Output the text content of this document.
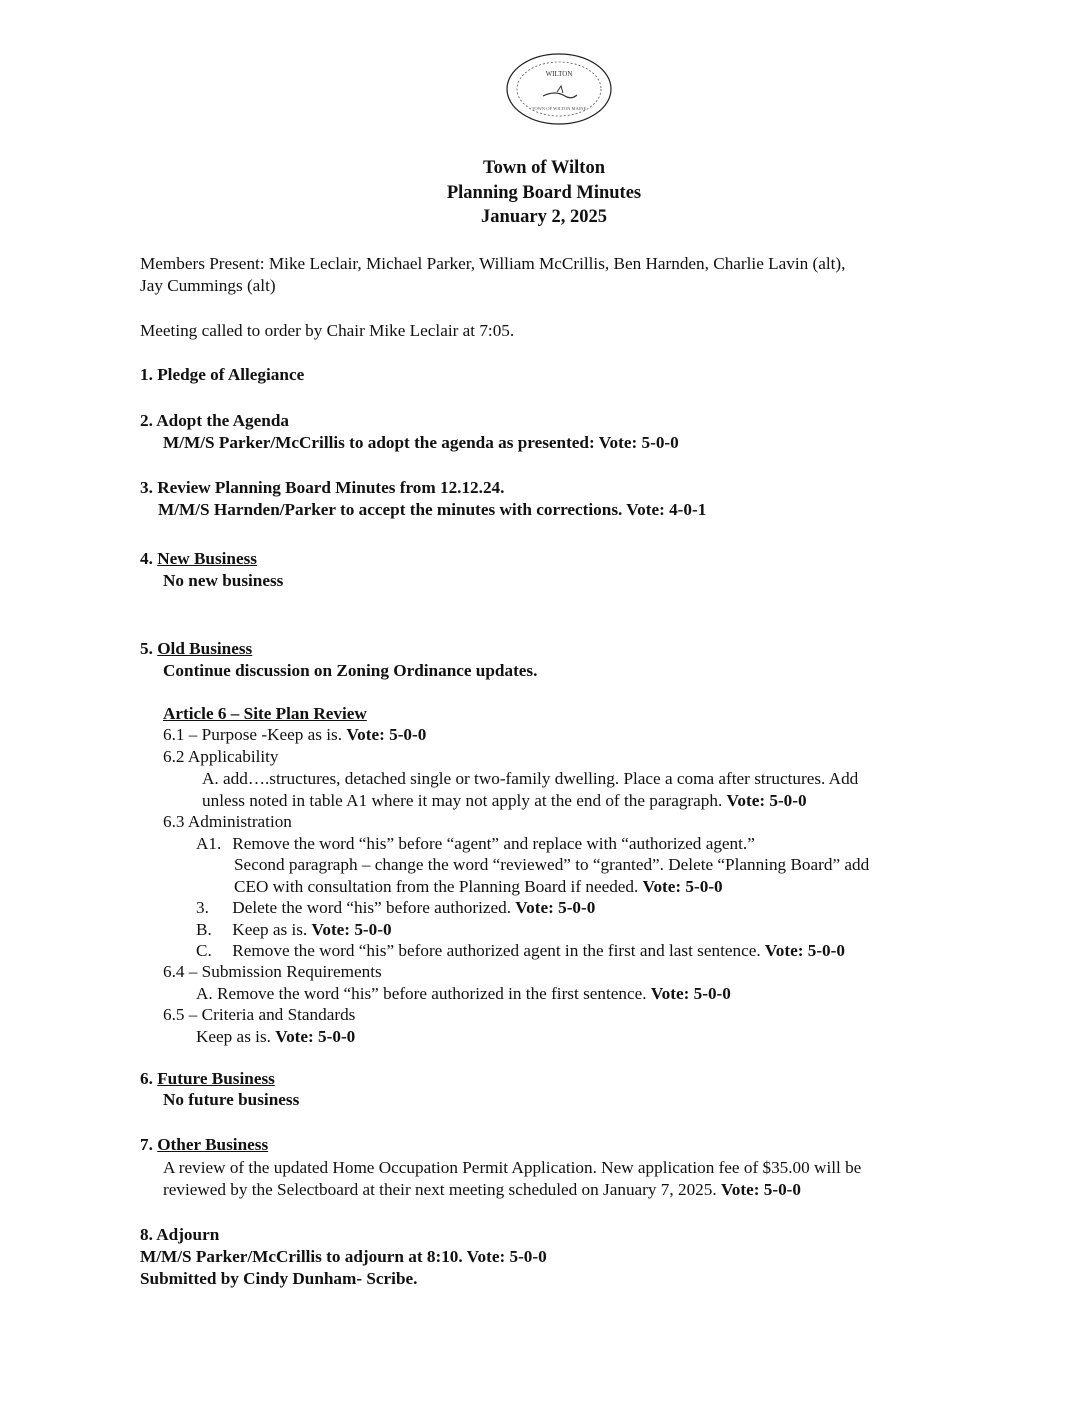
WILTON
TOWN OF WILTON MAINE
Town of Wilton
Planning Board Minutes
January 2, 2025
Members Present: Mike Leclair, Michael Parker, William McCrillis, Ben Harnden, Charlie Lavin (alt),
Jay Cummings (alt)
Meeting called to order by Chair Mike Leclair at 7:05.
1. Pledge of Allegiance
2. Adopt the Agenda
M/M/S Parker/McCrillis to adopt the agenda as presented: Vote: 5-0-0
3. Review Planning Board Minutes from 12.12.24.
M/M/S Harnden/Parker to accept the minutes with corrections. Vote: 4-0-1
4. New Business
No new business
5. Old Business
Continue discussion on Zoning Ordinance updates.
Article 6 – Site Plan Review
6.1 – Purpose -Keep as is. Vote: 5-0-0
6.2 Applicability
A. add….structures, detached single or two-family dwelling. Place a coma after structures. Add
unless noted in table A1 where it may not apply at the end of the paragraph. Vote: 5-0-0
6.3 Administration
A1. Remove the word “his” before “agent” and replace with “authorized agent.”
Second paragraph – change the word “reviewed” to “granted”. Delete “Planning Board” add
CEO with consultation from the Planning Board if needed. Vote: 5-0-0
3. Delete the word “his” before authorized. Vote: 5-0-0
B. Keep as is. Vote: 5-0-0
C. Remove the word “his” before authorized agent in the first and last sentence. Vote: 5-0-0
6.4 – Submission Requirements
A. Remove the word “his” before authorized in the first sentence. Vote: 5-0-0
6.5 – Criteria and Standards
Keep as is. Vote: 5-0-0
6. Future Business
No future business
7. Other Business
A review of the updated Home Occupation Permit Application. New application fee of $35.00 will be
reviewed by the Selectboard at their next meeting scheduled on January 7, 2025. Vote: 5-0-0
8. Adjourn
M/M/S Parker/McCrillis to adjourn at 8:10. Vote: 5-0-0
Submitted by Cindy Dunham- Scribe.
